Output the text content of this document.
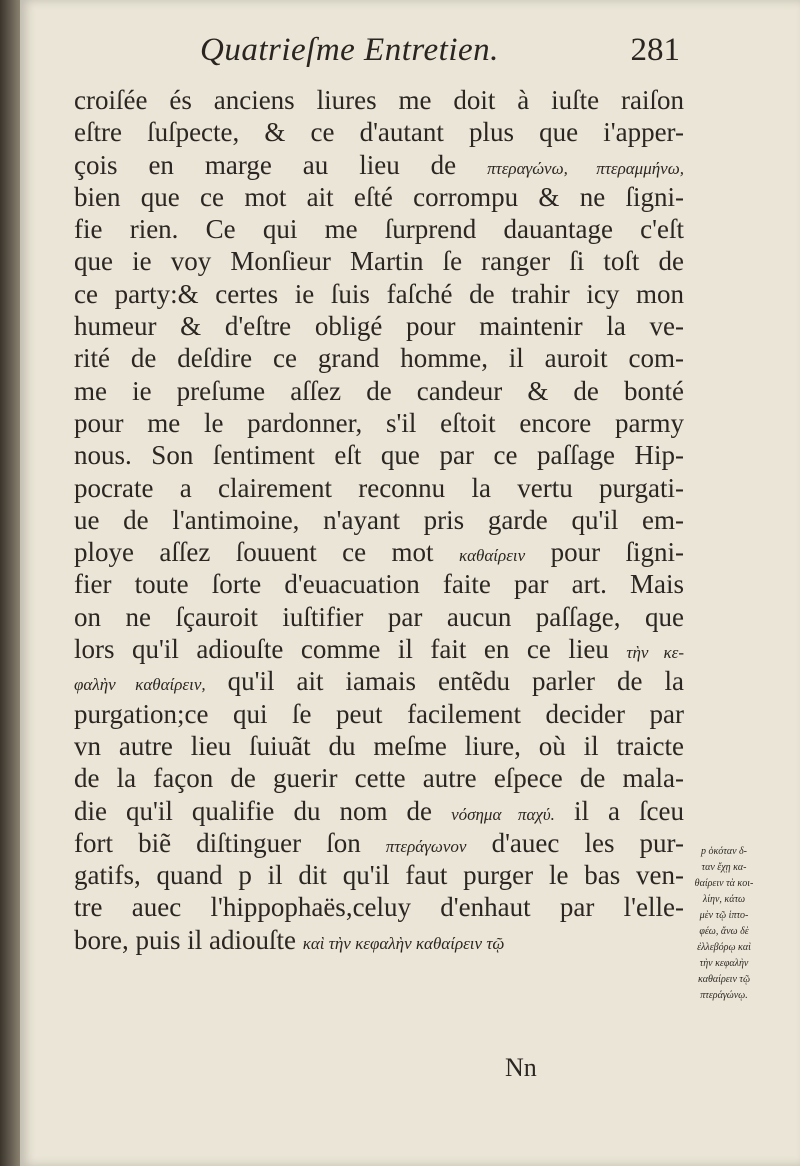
Quatrieſme Entretien.	281
croiſée és anciens liures me doit à iuſte raiſon
eſtre ſuſpecte, & ce d'autant plus que i'apper-
çois en marge au lieu de πτεραγώνω, πτεραμμήνω,
bien que ce mot ait eſté corrompu & ne ſigni-
fie rien. Ce qui me ſurprend dauantage c'eſt
que ie voy Monſieur Martin ſe ranger ſi toſt de
ce party:& certes ie ſuis faſché de trahir icy mon
humeur & d'eſtre obligé pour maintenir la ve-
rité de deſdire ce grand homme, il auroit com-
me ie preſume aſſez de candeur & de bonté
pour me le pardonner, s'il eſtoit encore parmy
nous. Son ſentiment eſt que par ce paſſage Hip-
pocrate a clairement reconnu la vertu purgati-
ue de l'antimoine, n'ayant pris garde qu'il em-
ploye aſſez ſouuent ce mot καθαίρειν pour ſigni-
fier toute ſorte d'euacuation faite par art. Mais
on ne ſçauroit iuſtifier par aucun paſſage, que
lors qu'il adiouſte comme il fait en ce lieu τὴν κε-
φαλὴν καθαίρειν, qu'il ait iamais entẽdu parler de la
purgation;ce qui ſe peut facilement decider par
vn autre lieu ſuiuãt du meſme liure, où il traicte
de la façon de guerir cette autre eſpece de mala-
die qu'il qualifie du nom de νόσημα παχύ. il a ſceu
fort biẽ diſtinguer ſon πτεράγωνον d'auec les pur-
gatifs, quand p il dit qu'il faut purger le bas ven-
tre auec l'hippophaës,celuy d'enhaut par l'elle-
bore, puis il adiouſte καὶ τὴν κεφαλὴν καθαίρειν τῷ
p ὁκόταν δ-
ταν ἔχῃ κα-
θαίρειν τὰ κοι-
λίην, κάτω
μὲν τῷ ἱπτο-
φέω, ἄνω δὲ
ἐλλεβόρῳ καὶ
τὴν κεφαλὴν
καθαίρειν τῷ
πτεράγώνῳ.
Nn
